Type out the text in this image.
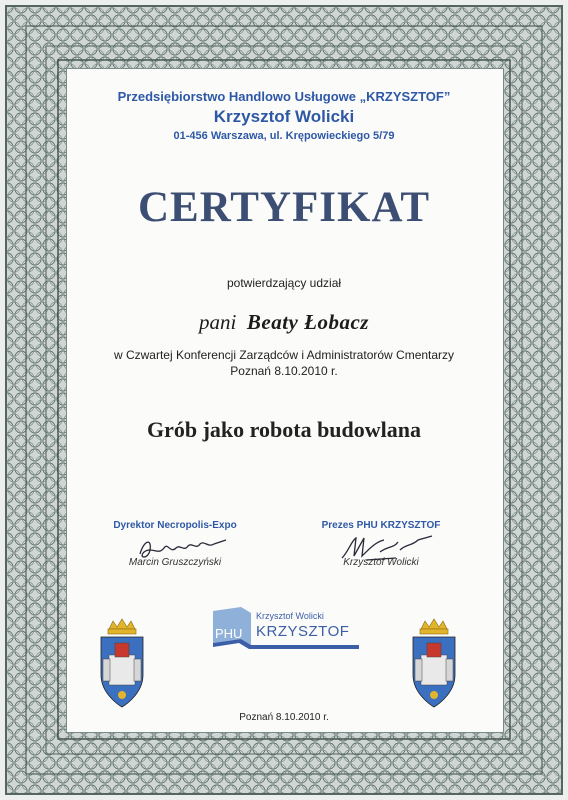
Przedsiębiorstwo Handlowo Usługowe „KRZYSZTOF”
Krzysztof Wolicki
01-456 Warszawa, ul. Krępowieckiego 5/79
CERTYFIKAT
potwierdzający udział
pani Beaty Łobacz
w Czwartej Konferencji Zarządców i Administratorów Cmentarzy
Poznań 8.10.2010 r.
Grób jako robota budowlana
Dyrektor Necropolis-Expo
Marcin Gruszczyński
Prezes PHU KRZYSZTOF
Krzysztof Wolicki
PHU
Krzysztof Wolicki
KRZYSZTOF
Poznań 8.10.2010 r.
